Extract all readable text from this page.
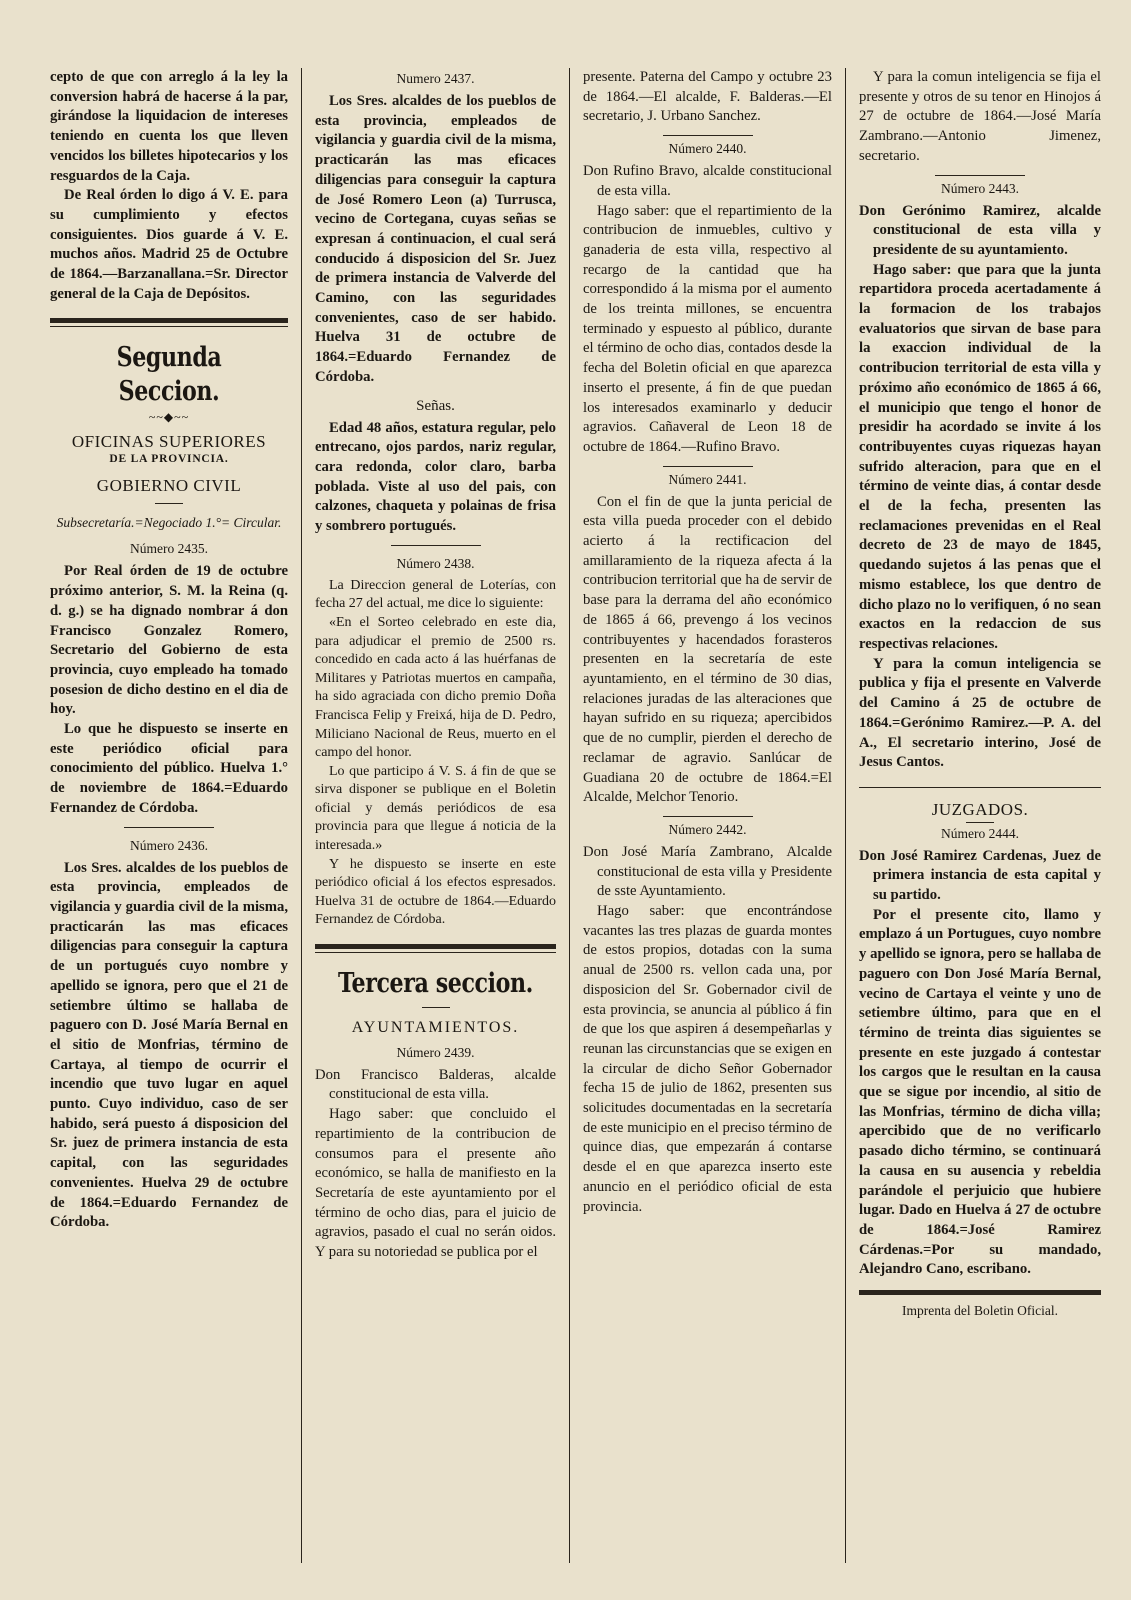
cepto de que con arreglo á la ley la conversion habrá de hacerse á la par, girándose la liquidacion de intereses teniendo en cuenta los que lleven vencidos los billetes hipotecarios y los resguardos de la Caja.

De Real órden lo digo á V. E. para su cumplimiento y efectos consiguientes. Dios guarde á V. E. muchos años. Madrid 25 de Octubre de 1864.—Barzanallana.=Sr. Director general de la Caja de Depósitos.

Segunda Seccion.
~~◆~~
OFICINAS SUPERIORES
DE LA PROVINCIA.
GOBIERNO CIVIL
Subsecretaría.=Negociado 1.°= Circular.
Número 2435.

Por Real órden de 19 de octubre próximo anterior, S. M. la Reina (q. d. g.) se ha dignado nombrar á don Francisco Gonzalez Romero, Secretario del Gobierno de esta provincia, cuyo empleado ha tomado posesion de dicho destino en el dia de hoy.

Lo que he dispuesto se inserte en este periódico oficial para conocimiento del público. Huelva 1.° de noviembre de 1864.=Eduardo Fernandez de Córdoba.

Número 2436.

Los Sres. alcaldes de los pueblos de esta provincia, empleados de vigilancia y guardia civil de la misma, practicarán las mas eficaces diligencias para conseguir la captura de un portugués cuyo nombre y apellido se ignora, pero que el 21 de setiembre último se hallaba de paguero con D. José María Bernal en el sitio de Monfrias, término de Cartaya, al tiempo de ocurrir el incendio que tuvo lugar en aquel punto. Cuyo individuo, caso de ser habido, será puesto á disposicion del Sr. juez de primera instancia de esta capital, con las seguridades convenientes. Huelva 29 de octubre de 1864.=Eduardo Fernandez de Córdoba.

Numero 2437.

Los Sres. alcaldes de los pueblos de esta provincia, empleados de vigilancia y guardia civil de la misma, practicarán las mas eficaces diligencias para conseguir la captura de José Romero Leon (a) Turrusca, vecino de Cortegana, cuyas señas se expresan á continuacion, el cual será conducido á disposicion del Sr. Juez de primera instancia de Valverde del Camino, con las seguridades convenientes, caso de ser habido. Huelva 31 de octubre de 1864.=Eduardo Fernandez de Córdoba.

Señas.

Edad 48 años, estatura regular, pelo entrecano, ojos pardos, nariz regular, cara redonda, color claro, barba poblada. Viste al uso del pais, con calzones, chaqueta y polainas de frisa y sombrero portugués.

Número 2438.

La Direccion general de Loterías, con fecha 27 del actual, me dice lo siguiente:

«En el Sorteo celebrado en este dia, para adjudicar el premio de 2500 rs. concedido en cada acto á las huérfanas de Militares y Patriotas muertos en campaña, ha sido agraciada con dicho premio Doña Francisca Felip y Freixá, hija de D. Pedro, Miliciano Nacional de Reus, muerto en el campo del honor.

Lo que participo á V. S. á fin de que se sirva disponer se publique en el Boletin oficial y demás periódicos de esa provincia para que llegue á noticia de la interesada.»

Y he dispuesto se inserte en este periódico oficial á los efectos espresados. Huelva 31 de octubre de 1864.—Eduardo Fernandez de Córdoba.

Tercera seccion.
AYUNTAMIENTOS.
Número 2439.

Don Francisco Balderas, alcalde constitucional de esta villa.

Hago saber: que concluido el repartimiento de la contribucion de consumos para el presente año económico, se halla de manifiesto en la Secretaría de este ayuntamiento por el término de ocho dias, para el juicio de agravios, pasado el cual no serán oidos. Y para su notoriedad se publica por el

presente. Paterna del Campo y octubre 23 de 1864.—El alcalde, F. Balderas.—El secretario, J. Urbano Sanchez.

Número 2440.

Don Rufino Bravo, alcalde constitucional de esta villa.

Hago saber: que el repartimiento de la contribucion de inmuebles, cultivo y ganaderia de esta villa, respectivo al recargo de la cantidad que ha correspondido á la misma por el aumento de los treinta millones, se encuentra terminado y espuesto al público, durante el término de ocho dias, contados desde la fecha del Boletin oficial en que aparezca inserto el presente, á fin de que puedan los interesados examinarlo y deducir agravios. Cañaveral de Leon 18 de octubre de 1864.—Rufino Bravo.

Número 2441.

Con el fin de que la junta pericial de esta villa pueda proceder con el debido acierto á la rectificacion del amillaramiento de la riqueza afecta á la contribucion territorial que ha de servir de base para la derrama del año económico de 1865 á 66, prevengo á los vecinos contribuyentes y hacendados forasteros presenten en la secretaría de este ayuntamiento, en el término de 30 dias, relaciones juradas de las alteraciones que hayan sufrido en su riqueza; apercibidos que de no cumplir, pierden el derecho de reclamar de agravio. Sanlúcar de Guadiana 20 de octubre de 1864.=El Alcalde, Melchor Tenorio.

Número 2442.

Don José María Zambrano, Alcalde constitucional de esta villa y Presidente de sste Ayuntamiento.

Hago saber: que encontrándose vacantes las tres plazas de guarda montes de estos propios, dotadas con la suma anual de 2500 rs. vellon cada una, por disposicion del Sr. Gobernador civil de esta provincia, se anuncia al público á fin de que los que aspiren á desempeñarlas y reunan las circunstancias que se exigen en la circular de dicho Señor Gobernador fecha 15 de julio de 1862, presenten sus solicitudes documentadas en la secretaría de este municipio en el preciso término de quince dias, que empezarán á contarse desde el en que aparezca inserto este anuncio en el periódico oficial de esta provincia.

Y para la comun inteligencia se fija el presente y otros de su tenor en Hinojos á 27 de octubre de 1864.—José María Zambrano.—Antonio Jimenez, secretario.

Número 2443.

Don Gerónimo Ramirez, alcalde constitucional de esta villa y presidente de su ayuntamiento.

Hago saber: que para que la junta repartidora proceda acertadamente á la formacion de los trabajos evaluatorios que sirvan de base para la exaccion individual de la contribucion territorial de esta villa y próximo año económico de 1865 á 66, el municipio que tengo el honor de presidir ha acordado se invite á los contribuyentes cuyas riquezas hayan sufrido alteracion, para que en el término de veinte dias, á contar desde el de la fecha, presenten las reclamaciones prevenidas en el Real decreto de 23 de mayo de 1845, quedando sujetos á las penas que el mismo establece, los que dentro de dicho plazo no lo verifiquen, ó no sean exactos en la redaccion de sus respectivas relaciones.

Y para la comun inteligencia se publica y fija el presente en Valverde del Camino á 25 de octubre de 1864.=Gerónimo Ramirez.—P. A. del A., El secretario interino, José de Jesus Cantos.

JUZGADOS.
Número 2444.

Don José Ramirez Cardenas, Juez de primera instancia de esta capital y su partido.

Por el presente cito, llamo y emplazo á un Portugues, cuyo nombre y apellido se ignora, pero se hallaba de paguero con Don José María Bernal, vecino de Cartaya el veinte y uno de setiembre último, para que en el término de treinta dias siguientes se presente en este juzgado á contestar los cargos que le resultan en la causa que se sigue por incendio, al sitio de las Monfrias, término de dicha villa; apercibido que de no verificarlo pasado dicho término, se continuará la causa en su ausencia y rebeldia parándole el perjuicio que hubiere lugar. Dado en Huelva á 27 de octubre de 1864.=José Ramirez Cárdenas.=Por su mandado, Alejandro Cano, escribano.

Imprenta del Boletin Oficial.
